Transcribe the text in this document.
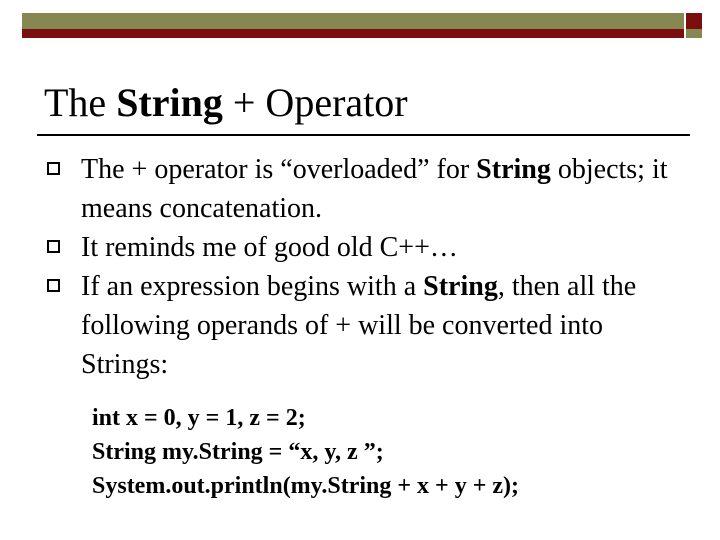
The String + Operator
The + operator is “overloaded” for String objects; it means concatenation.
It reminds me of good old C++…
If an expression begins with a String, then all the following operands of + will be converted into Strings:
int x = 0, y = 1, z = 2;
String my.String = “x, y, z ”;
System.out.println(my.String + x + y + z);
